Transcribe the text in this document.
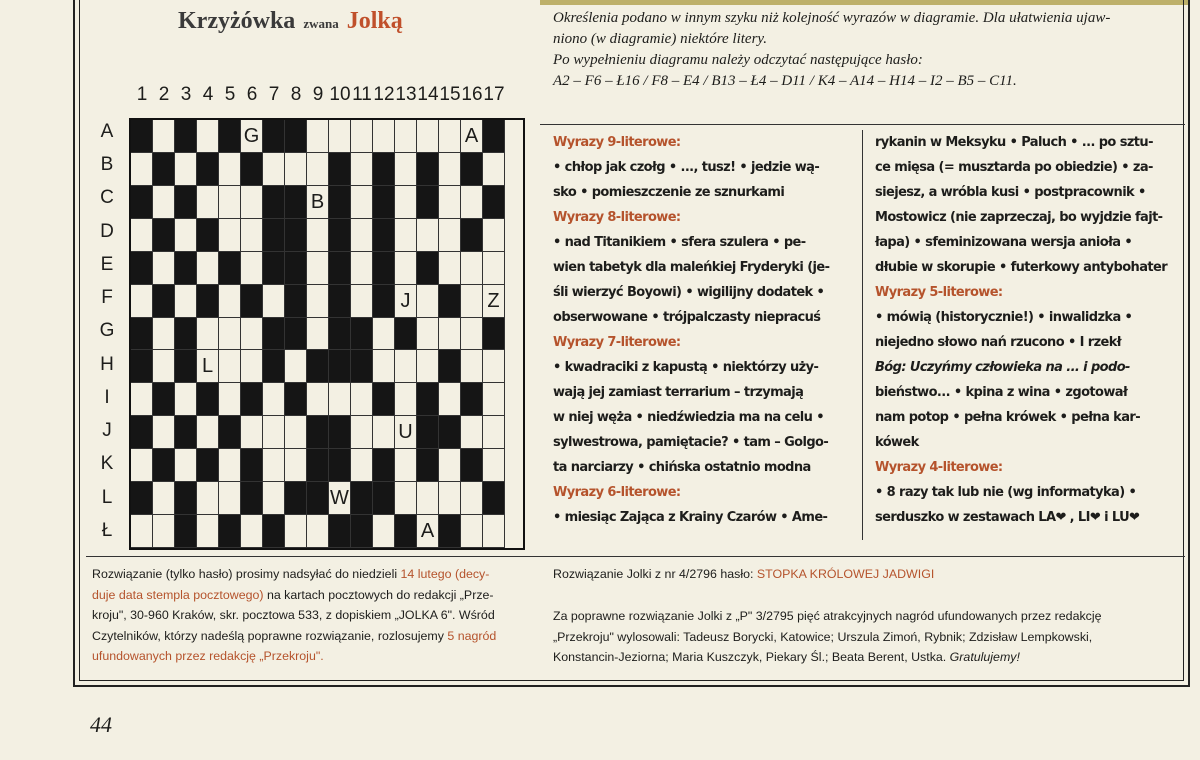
Krzyżówka zwana Jolką
1 2 3 4 5 6 7 8 9 10 11 12 13 14 15 16 17
A
B
C
D
E
F
G
H
I
J
K
L
Ł
G	A
B
J	Z
L
U
W
A

Określenia podano w innym szyku niż kolejność wyrazów w diagramie. Dla ułatwienia ujaw-

niono (w diagramie) niektóre litery.

Po wypełnieniu diagramu należy odczytać następujące hasło:

A2 – F6 – Ł16 / F8 – E4 / B13 – Ł4 – D11 / K4 – A14 – H14 – I2 – B5 – C11.

Wyrazy 9-literowe:
• chłop jak czołg • ..., tusz! • jedzie wą-
sko • pomieszczenie ze sznurkami
Wyrazy 8-literowe:
• nad Titanikiem • sfera szulera • pe-
wien tabetyk dla maleńkiej Fryderyki (je-
śli wierzyć Boyowi) • wigilijny dodatek •
obserwowane • trójpalczasty niepracuś
Wyrazy 7-literowe:
• kwadraciki z kapustą • niektórzy uży-
wają jej zamiast terrarium – trzymają
w niej węża • niedźwiedzia ma na celu •
sylwestrowa, pamiętacie? • tam – Golgo-
ta narciarzy • chińska ostatnio modna
Wyrazy 6-literowe:
• miesiąc Zająca z Krainy Czarów • Ame-
rykanin w Meksyku • Paluch • ... po sztu-
ce mięsa (= musztarda po obiedzie) • za-
siejesz, a wróbla kusi • postpracownik •
Mostowicz (nie zaprzeczaj, bo wyjdzie fajt-
łapa) • sfeminizowana wersja anioła •
dłubie w skorupie • futerkowy antybohater
Wyrazy 5-literowe:
• mówią (historycznie!) • inwalidzka •
niejedno słowo nań rzucono • I rzekł
Bóg: Uczyńmy człowieka na ... i podo-
bieństwo... • kpina z wina • zgotował
nam potop • pełna krówek • pełna kar-
kówek
Wyrazy 4-literowe:
• 8 razy tak lub nie (wg informatyka) •
serduszko w zestawach LA❤ , LI❤ i LU❤
Rozwiązanie (tylko hasło) prosimy nadsyłać do niedzieli 14 lutego (decy-
duje data stempla pocztowego) na kartach pocztowych do redakcji „Prze-
kroju", 30-960 Kraków, skr. pocztowa 533, z dopiskiem „JOLKA 6". Wśród
Czytelników, którzy nadeślą poprawne rozwiązanie, rozlosujemy 5 nagród
ufundowanych przez redakcję „Przekroju".
Rozwiązanie Jolki z nr 4/2796 hasło: STOPKA KRÓLOWEJ JADWIGI
Za poprawne rozwiązanie Jolki z „P" 3/2795 pięć atrakcyjnych nagród ufundowanych przez redakcję
„Przekroju" wylosowali: Tadeusz Borycki, Katowice; Urszula Zimoń, Rybnik; Zdzisław Lempkowski,
Konstancin-Jeziorna; Maria Kuszczyk, Piekary Śl.; Beata Berent, Ustka. Gratulujemy!
44
